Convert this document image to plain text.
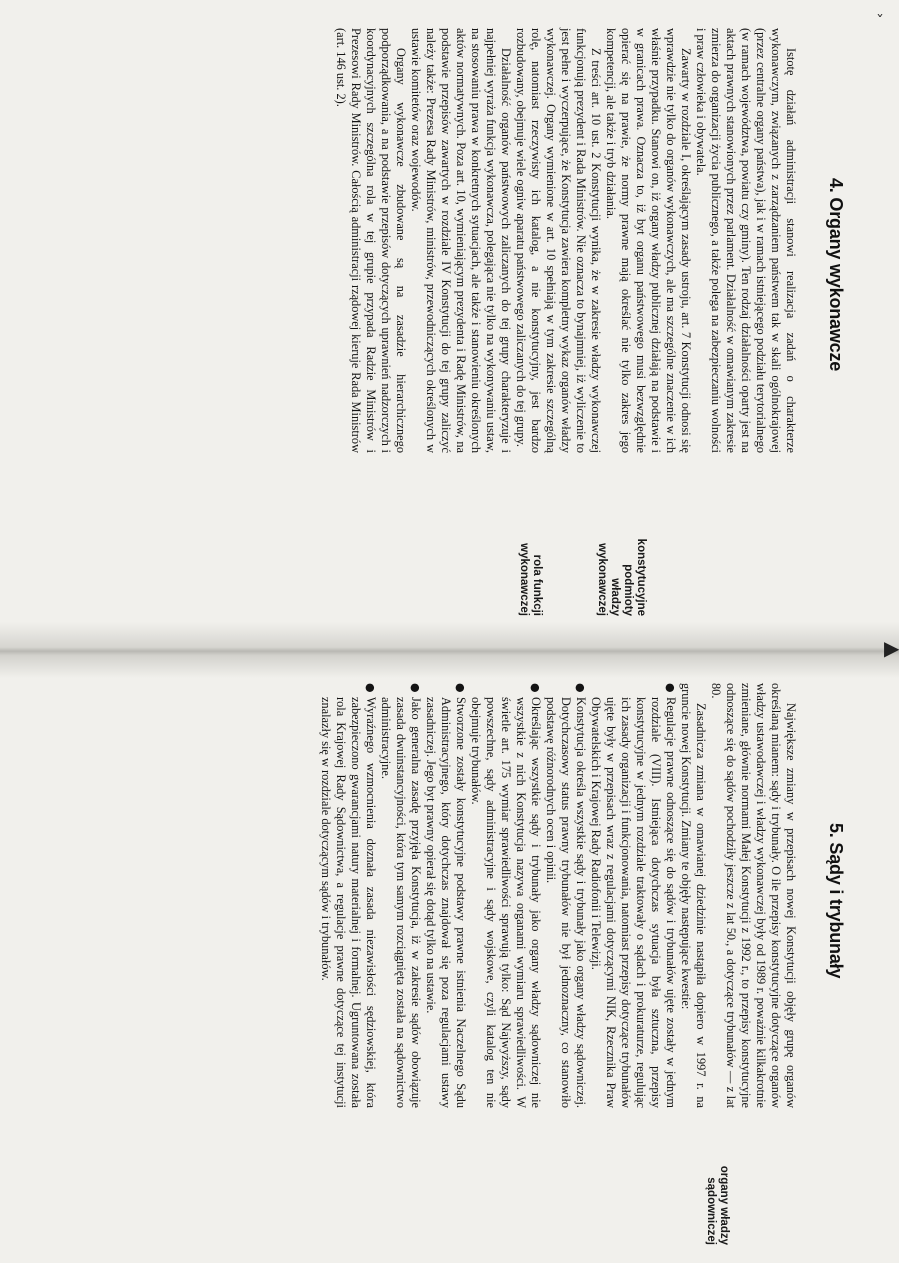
ˇ
▶
4. Organy wykonawcze

Istotę działań administracji stanowi realizacja zadań o charakterze wykonawczym, związanych z zarządzaniem państwem tak w skali ogólnokrajowej (przez centralne organy państwa), jak i w ramach istniejącego podziału terytorialnego (w ramach województwa, powiatu czy gminy). Ten rodzaj działalności oparty jest na aktach prawnych stanowionych przez parlament. Działalność w omawianym zakresie zmierza do organizacji życia publicznego, a także polega na zabezpieczaniu wolności i praw człowieka i obywatela.

Zawarty w rozdziale I, określającym zasady ustroju, art. 7 Konstytucji odnosi się wprawdzie nie tylko do organów wykonawczych, ale ma szczególne znaczenie w ich właśnie przypadku. Stanowi on, iż organy władzy publicznej działają na podstawie i w granicach prawa. Oznacza to, iż byt organu państwowego musi bezwzględnie opierać się na prawie, że normy prawne mają określać nie tylko zakres jego kompetencji, ale także i tryb działania.

Z treści art. 10 ust. 2 Konstytucji wynika, że w zakresie władzy wykonawczej funkcjonują prezydent i Rada Ministrów. Nie oznacza to bynajmniej, iż wyliczenie to jest pełne i wyczerpujące, że Konstytucja zawiera kompletny wykaz organów władzy wykonawczej. Organy wymienione w art. 10 spełniają w tym zakresie szczególną rolę, natomiast rzeczywisty ich katalog, a nie konstytucyjny, jest bardzo rozbudowany, obejmuje wiele ogniw aparatu państwowego zaliczanych do tej grupy.

Działalność organów państwowych zaliczanych do tej grupy charakteryzuje i najpełniej wyraża funkcja wykonawcza, polegająca nie tylko na wykonywaniu ustaw, na stosowaniu prawa w konkretnych sytuacjach, ale także i stanowieniu określonych aktów normatywnych. Poza art. 10, wymieniającym prezydenta i Radę Ministrów, na podstawie przepisów zawartych w rozdziale IV Konstytucji do tej grupy zaliczyć należy także: Prezesa Rady Ministrów, ministrów, przewodniczących określonych w ustawie komitetów oraz wojewodów.

Organy wykonawcze zbudowane są na zasadzie hierarchicznego podporządkowania, a na podstawie przepisów dotyczących uprawnień nadzorczych i koordynacyjnych szczególna rola w tej grupie przypada Radzie Ministrów i Prezesowi Rady Ministrów. Całością administracji rządowej kieruje Rada Ministrów (art. 146 ust. 2).

konstytucyjne
podmioty
władzy
wykonawczej
rola funkcji
wykonawczej
5. Sądy i trybunały

Największe zmiany w przepisach nowej Konstytucji objęły grupę organów określaną mianem: sądy i trybunały. O ile przepisy konstytucyjne dotyczące organów władzy ustawodawczej i władzy wykonawczej były od 1989 r. poważnie kilkakrotnie zmieniane, głównie normami Małej Konstytucji z 1992 r., to przepisy konstytucyjne odnoszące się do sądów pochodziły jeszcze z lat 50., a dotyczące trybunałów — z lat 80.

Zasadnicza zmiana w omawianej dziedzinie nastąpiła dopiero w 1997 r. na gruncie nowej Konstytucji. Zmiany te objęły następujące kwestie:

●
Regulacje prawne odnoszące się do sądów i trybunałów ujęte zostały w jednym rozdziale (VIII). Istniejąca dotychczas sytuacja była sztuczna, przepisy konstytucyjne w jednym rozdziale traktowały o sądach i prokuraturze, regulując ich zasady organizacji i funkcjonowania, natomiast przepisy dotyczące trybunałów ujęte były w przepisach wraz z regulacjami dotyczącymi NIK, Rzecznika Praw Obywatelskich i Krajowej Rady Radiofonii i Telewizji.
●
Konstytucja określa wszystkie sądy i trybunały jako organy władzy sądowniczej. Dotychczasowy status prawny trybunałów nie był jednoznaczny, co stanowiło podstawę różnorodnych ocen i opinii.
●
Określając wszystkie sądy i trybunały jako organy władzy sądowniczej nie wszystkie z nich Konstytucja nazywa organami wymiaru sprawiedliwości. W świetle art. 175 wymiar sprawiedliwości sprawują tylko: Sąd Najwyższy, sądy powszechne, sądy administracyjne i sądy wojskowe, czyli katalog ten nie obejmuje trybunałów.
●
Stworzone zostały konstytucyjne podstawy prawne istnienia Naczelnego Sądu Administracyjnego, który dotychczas znajdował się poza regulacjami ustawy zasadniczej. Jego byt prawny opierał się dotąd tylko na ustawie.
●
Jako generalna zasadę przyjęła Konstytucja, iż w zakresie sądów obowiązuje zasada dwuinstancyjności, która tym samym rozciągnięta została na sądownictwo administracyjne.
●
Wyraźnego wzmocnienia doznała zasada niezawisłości sędziowskiej, która zabezpieczono gwarancjami natury materialnej i formalnej. Ugruntowana została rola Krajowej Rady Sądownictwa, a regulacje prawne dotyczące tej instytucji znalazły się w rozdziale dotyczącym sądów i trybunałów.
organy władzy
sądowniczej
